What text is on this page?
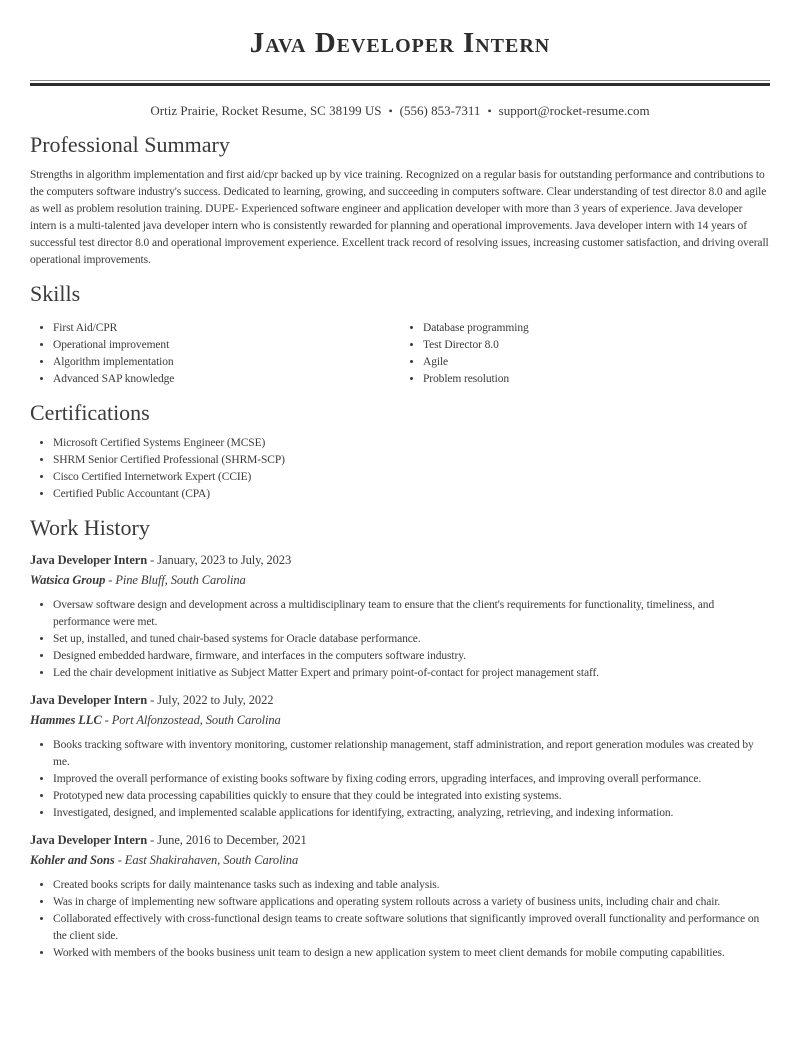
Java Developer Intern
Ortiz Prairie, Rocket Resume, SC 38199 US • (556) 853-7311 • support@rocket-resume.com
Professional Summary

Strengths in algorithm implementation and first aid/cpr backed up by vice training. Recognized on a regular basis for outstanding performance and contributions to the computers software industry's success. Dedicated to learning, growing, and succeeding in computers software. Clear understanding of test director 8.0 and agile as well as problem resolution training. DUPE- Experienced software engineer and application developer with more than 3 years of experience. Java developer intern is a multi-talented java developer intern who is consistently rewarded for planning and operational improvements. Java developer intern with 14 years of successful test director 8.0 and operational improvement experience. Excellent track record of resolving issues, increasing customer satisfaction, and driving overall operational improvements.

Skills
• First Aid/CPR
• Operational improvement
• Algorithm implementation
• Advanced SAP knowledge
• Database programming
• Test Director 8.0
• Agile
• Problem resolution
Certifications
• Microsoft Certified Systems Engineer (MCSE)
• SHRM Senior Certified Professional (SHRM-SCP)
• Cisco Certified Internetwork Expert (CCIE)
• Certified Public Accountant (CPA)
Work History
Java Developer Intern - January, 2023 to July, 2023
Watsica Group - Pine Bluff, South Carolina
• Oversaw software design and development across a multidisciplinary team to ensure that the client's requirements for functionality, timeliness, and performance were met.
• Set up, installed, and tuned chair-based systems for Oracle database performance.
• Designed embedded hardware, firmware, and interfaces in the computers software industry.
• Led the chair development initiative as Subject Matter Expert and primary point-of-contact for project management staff.
Java Developer Intern - July, 2022 to July, 2022
Hammes LLC - Port Alfonzostead, South Carolina
• Books tracking software with inventory monitoring, customer relationship management, staff administration, and report generation modules was created by me.
• Improved the overall performance of existing books software by fixing coding errors, upgrading interfaces, and improving overall performance.
• Prototyped new data processing capabilities quickly to ensure that they could be integrated into existing systems.
• Investigated, designed, and implemented scalable applications for identifying, extracting, analyzing, retrieving, and indexing information.
Java Developer Intern - June, 2016 to December, 2021
Kohler and Sons - East Shakirahaven, South Carolina
• Created books scripts for daily maintenance tasks such as indexing and table analysis.
• Was in charge of implementing new software applications and operating system rollouts across a variety of business units, including chair and chair.
• Collaborated effectively with cross-functional design teams to create software solutions that significantly improved overall functionality and performance on the client side.
• Worked with members of the books business unit team to design a new application system to meet client demands for mobile computing capabilities.
